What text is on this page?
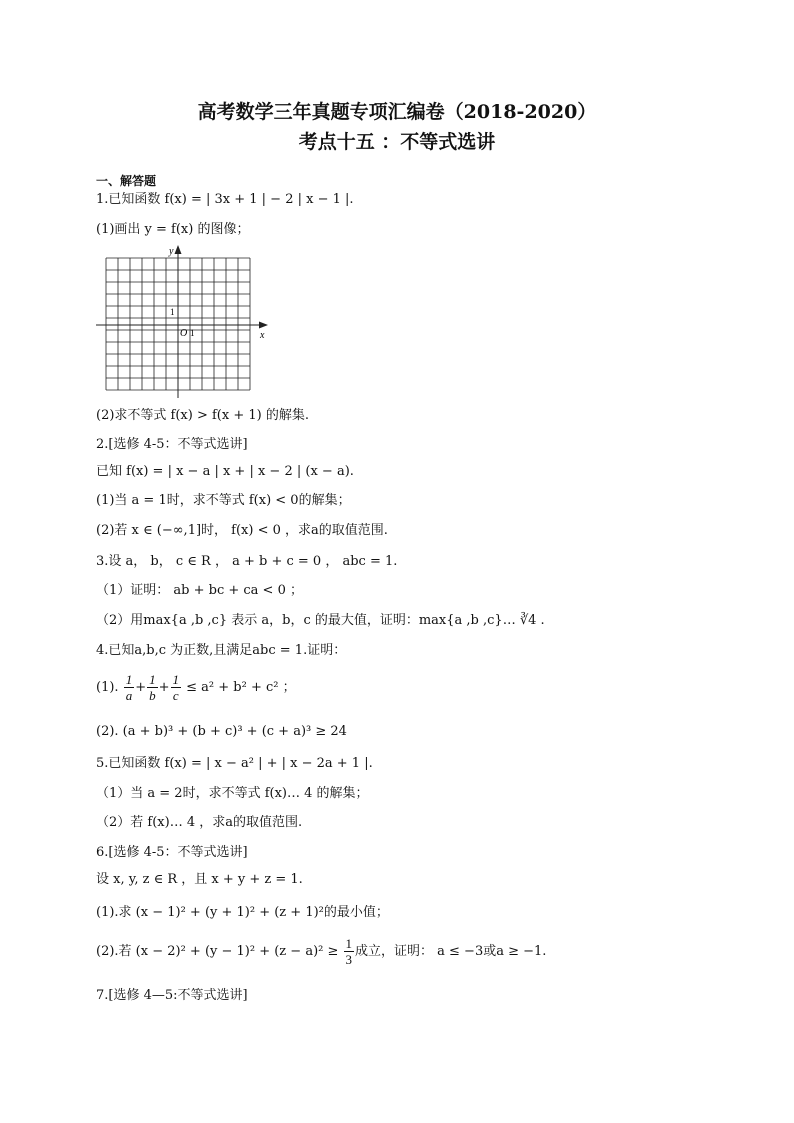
高考数学三年真题专项汇编卷（2018-2020）
考点十五 ：不等式选讲
一、解答题
1.已知函数 f(x) = | 3x + 1 | − 2 | x − 1 |.
(1)画出 y = f(x) 的图像；
x
y
O 1
1
(2)求不等式 f(x) > f(x + 1) 的解集.
2.[选修 4-5：不等式选讲]
已知 f(x) = | x − a | x + | x − 2 | (x − a).
(1)当 a = 1时，求不等式 f(x) < 0的解集；
(2)若 x ∈ (−∞,1]时， f(x) < 0 ，求a的取值范围.
3.设 a， b， c ∈ R ， a + b + c = 0 ， abc = 1.
（1）证明： ab + bc + ca < 0 ；
（2）用max{a ,b ,c} 表示 a，b，c 的最大值，证明：max{a ,b ,c}… ∛4 .
4.已知a,b,c 为正数,且满足abc = 1.证明：
(1). $\frac{1}{a} + \frac{1}{b} + \frac{1}{c} \le a^2 + b^2 + c^2$ ；
(2). (a + b)³ + (b + c)³ + (c + a)³ ≥ 24
5.已知函数 f(x) = | x − a² | + | x − 2a + 1 |.
（1）当 a = 2时，求不等式 f(x)… 4 的解集；
（2）若 f(x)… 4 ，求a的取值范围.
6.[选修 4-5：不等式选讲]
设 x, y, z ∈ R ，且 x + y + z = 1.
(1).求 (x − 1)² + (y + 1)² + (z + 1)²的最小值；
(2).若 $(x - 2)^2 + (y - 1)^2 + (z - a)^2 \ge \frac{1}{3}$ 成立，证明： a ≤ −3或a ≥ −1.
7.[选修 4—5:不等式选讲]
